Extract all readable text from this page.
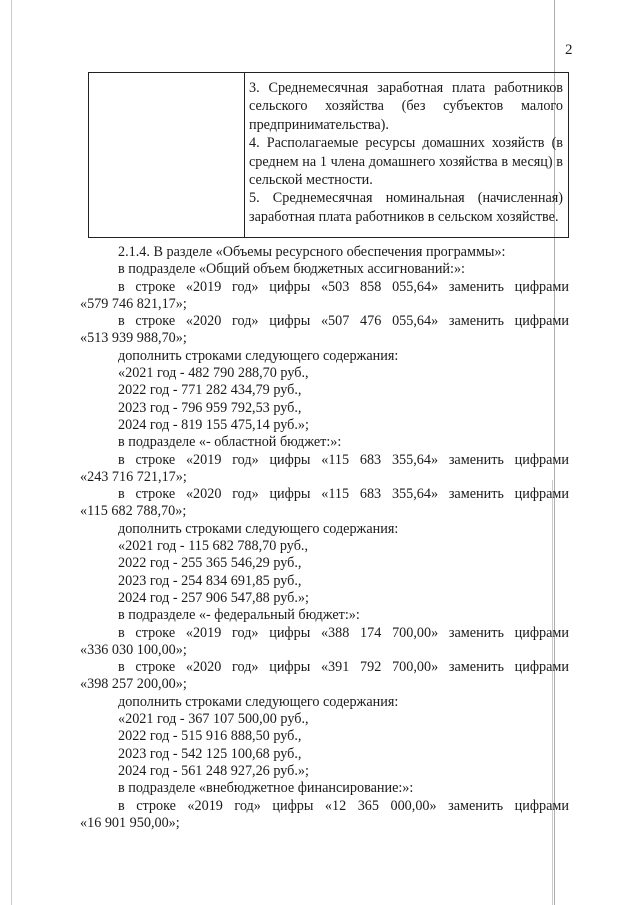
2

3. Среднемесячная заработная плата работников сельского хозяйства (без субъектов малого предпринимательства).

4. Располагаемые ресурсы домашних хозяйств (в среднем на 1 члена домашнего хозяйства в месяц) в сельской местности.

5. Среднемесячная номинальная (начисленная) заработная плата работников в сельском хозяйстве.

2.1.4. В разделе «Объемы ресурсного обеспечения программы»:

в подразделе «Общий объем бюджетных ассигнований:»:

в строке «2019 год» цифры «503 858 055,64» заменить цифрами

«579 746 821,17»;

в строке «2020 год» цифры «507 476 055,64» заменить цифрами

«513 939 988,70»;

дополнить строками следующего содержания:

«2021 год - 482 790 288,70 руб.,

2022 год - 771 282 434,79 руб.,

2023 год - 796 959 792,53 руб.,

2024 год - 819 155 475,14 руб.»;

в подразделе «- областной бюджет:»:

в строке «2019 год» цифры «115 683 355,64» заменить цифрами

«243 716 721,17»;

в строке «2020 год» цифры «115 683 355,64» заменить цифрами

«115 682 788,70»;

дополнить строками следующего содержания:

«2021 год - 115 682 788,70 руб.,

2022 год - 255 365 546,29 руб.,

2023 год - 254 834 691,85 руб.,

2024 год - 257 906 547,88 руб.»;

в подразделе «- федеральный бюджет:»:

в строке «2019 год» цифры «388 174 700,00» заменить цифрами

«336 030 100,00»;

в строке «2020 год» цифры «391 792 700,00» заменить цифрами

«398 257 200,00»;

дополнить строками следующего содержания:

«2021 год - 367 107 500,00 руб.,

2022 год - 515 916 888,50 руб.,

2023 год - 542 125 100,68 руб.,

2024 год - 561 248 927,26 руб.»;

в подразделе «внебюджетное финансирование:»:

в строке «2019 год» цифры «12 365 000,00» заменить цифрами

«16 901 950,00»;
